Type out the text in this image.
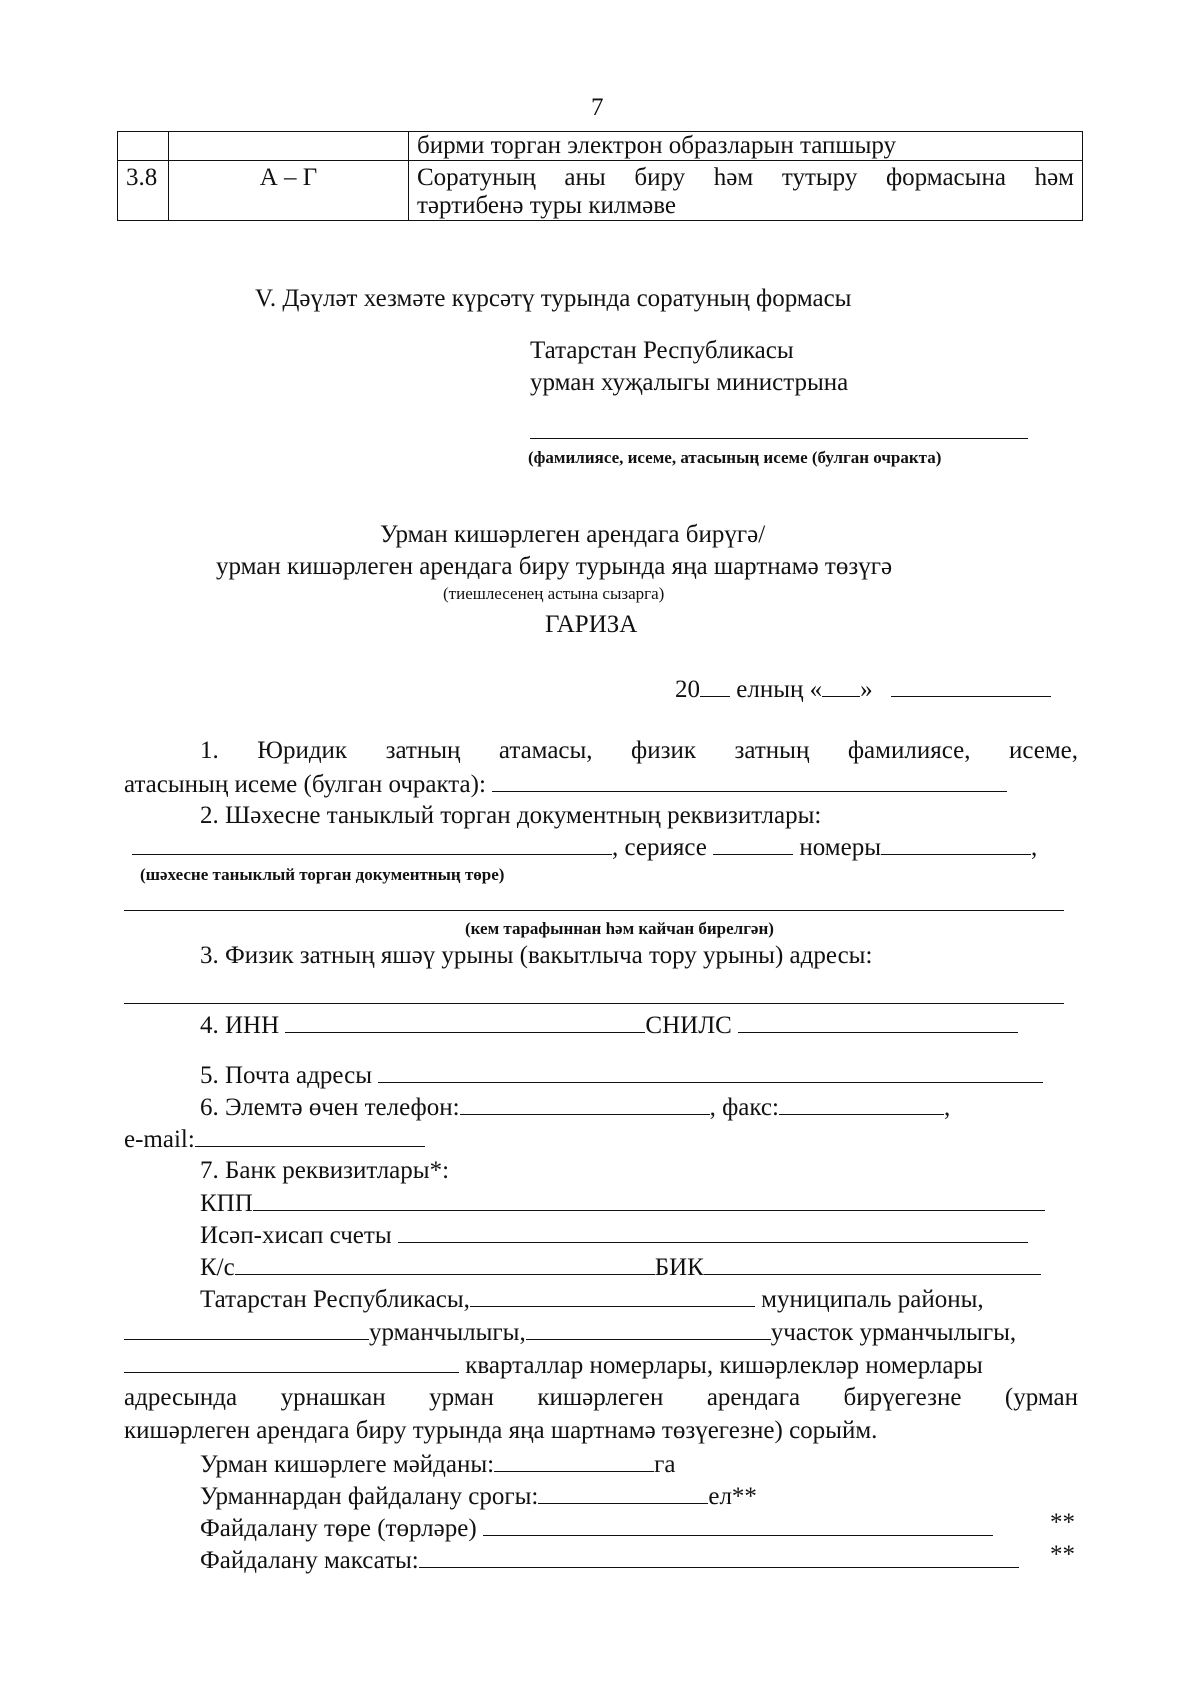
7
		бирми торган электрон образларын тапшыру
3.8	А – Г	Соратуның аны биру һәм тутыру формасына һәм
тәртибенә туры килмәве
V. Дәүләт хезмәте күрсәтү турында соратуның формасы
Татарстан Республикасы
урман хуҗалыгы министрына
(фамилиясе, исеме, атасының исеме (булган очракта)
Урман кишәрлеген арендага бирүгә/
урман кишәрлеген арендага биру турында яңа шартнамә төзүгә
(тиешлесенең астына сызарга)
ГАРИЗА
20 елның « »
1. Юридик затның атамасы, физик затның фамилиясе, исеме,
атасының исеме (булган очракта):
2. Шәхесне таныклый торган документның реквизитлары:
, сериясе	номеры	,
(шәхесне таныклый торган документның төре)
(кем тарафыннан һәм кайчан бирелгән)
3. Физик затның яшәү урыны (вакытлыча тору урыны) адресы:
4. ИНН	СНИЛС
5. Почта адресы
6. Элемтә өчен телефон:	, факс:	,
e-mail:
7. Банк реквизитлары*:
КПП
Исәп-хисап счеты
К/с	БИК
Татарстан Республикасы,	муниципаль районы,
урманчылыгы,	участок урманчылыгы,
кварталлар номерлары, кишәрлекләр номерлары
адресында урнашкан урман кишәрлеген арендага бирүегезне (урман
кишәрлеген арендага биру турында яңа шартнамә төзүегезне) сорыйм.
Урман кишәрлеге мәйданы:	га
Урманнардан файдалану срогы:	ел**
Файдалану төре (төрләре)	**
Файдалану максаты:	**
